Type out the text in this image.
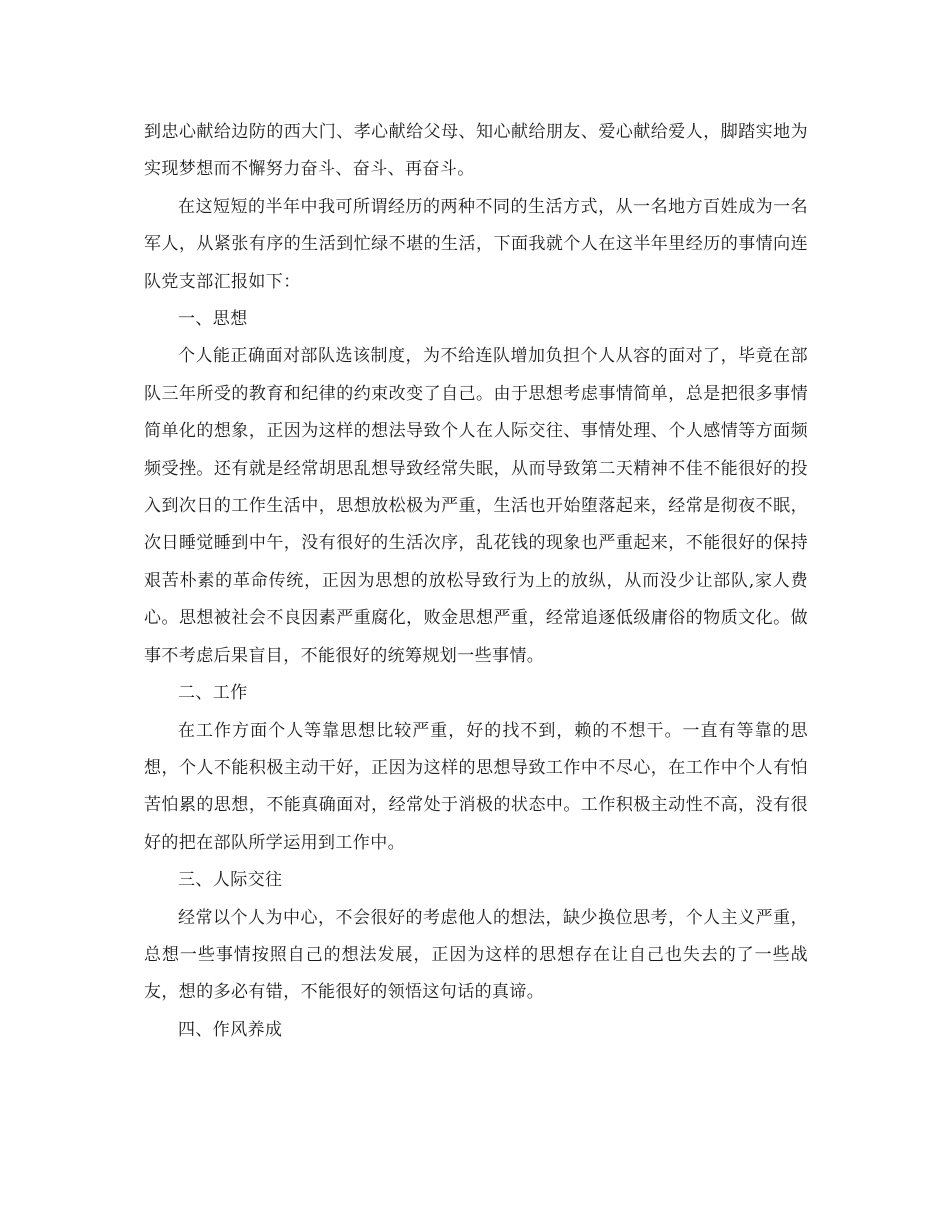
到忠心献给边防的西大门、孝心献给父母、知心献给朋友、爱心献给爱人，脚踏实地为实现梦想而不懈努力奋斗、奋斗、再奋斗。

在这短短的半年中我可所谓经历的两种不同的生活方式，从一名地方百姓成为一名军人，从紧张有序的生活到忙绿不堪的生活，下面我就个人在这半年里经历的事情向连队党支部汇报如下：

一、思想

个人能正确面对部队选该制度，为不给连队增加负担个人从容的面对了，毕竟在部队三年所受的教育和纪律的约束改变了自己。由于思想考虑事情简单，总是把很多事情简单化的想象，正因为这样的想法导致个人在人际交往、事情处理、个人感情等方面频频受挫。还有就是经常胡思乱想导致经常失眠，从而导致第二天精神不佳不能很好的投入到次日的工作生活中，思想放松极为严重，生活也开始堕落起来，经常是彻夜不眠，次日睡觉睡到中午，没有很好的生活次序，乱花钱的现象也严重起来，不能很好的保持艰苦朴素的革命传统，正因为思想的放松导致行为上的放纵，从而没少让部队,家人费心。思想被社会不良因素严重腐化，败金思想严重，经常追逐低级庸俗的物质文化。做事不考虑后果盲目，不能很好的统筹规划一些事情。

二、工作

在工作方面个人等靠思想比较严重，好的找不到，赖的不想干。一直有等靠的思想，个人不能积极主动干好，正因为这样的思想导致工作中不尽心，在工作中个人有怕苦怕累的思想，不能真确面对，经常处于消极的状态中。工作积极主动性不高，没有很好的把在部队所学运用到工作中。

三、人际交往

经常以个人为中心，不会很好的考虑他人的想法，缺少换位思考，个人主义严重，总想一些事情按照自己的想法发展，正因为这样的思想存在让自己也失去的了一些战友，想的多必有错，不能很好的领悟这句话的真谛。

四、作风养成
